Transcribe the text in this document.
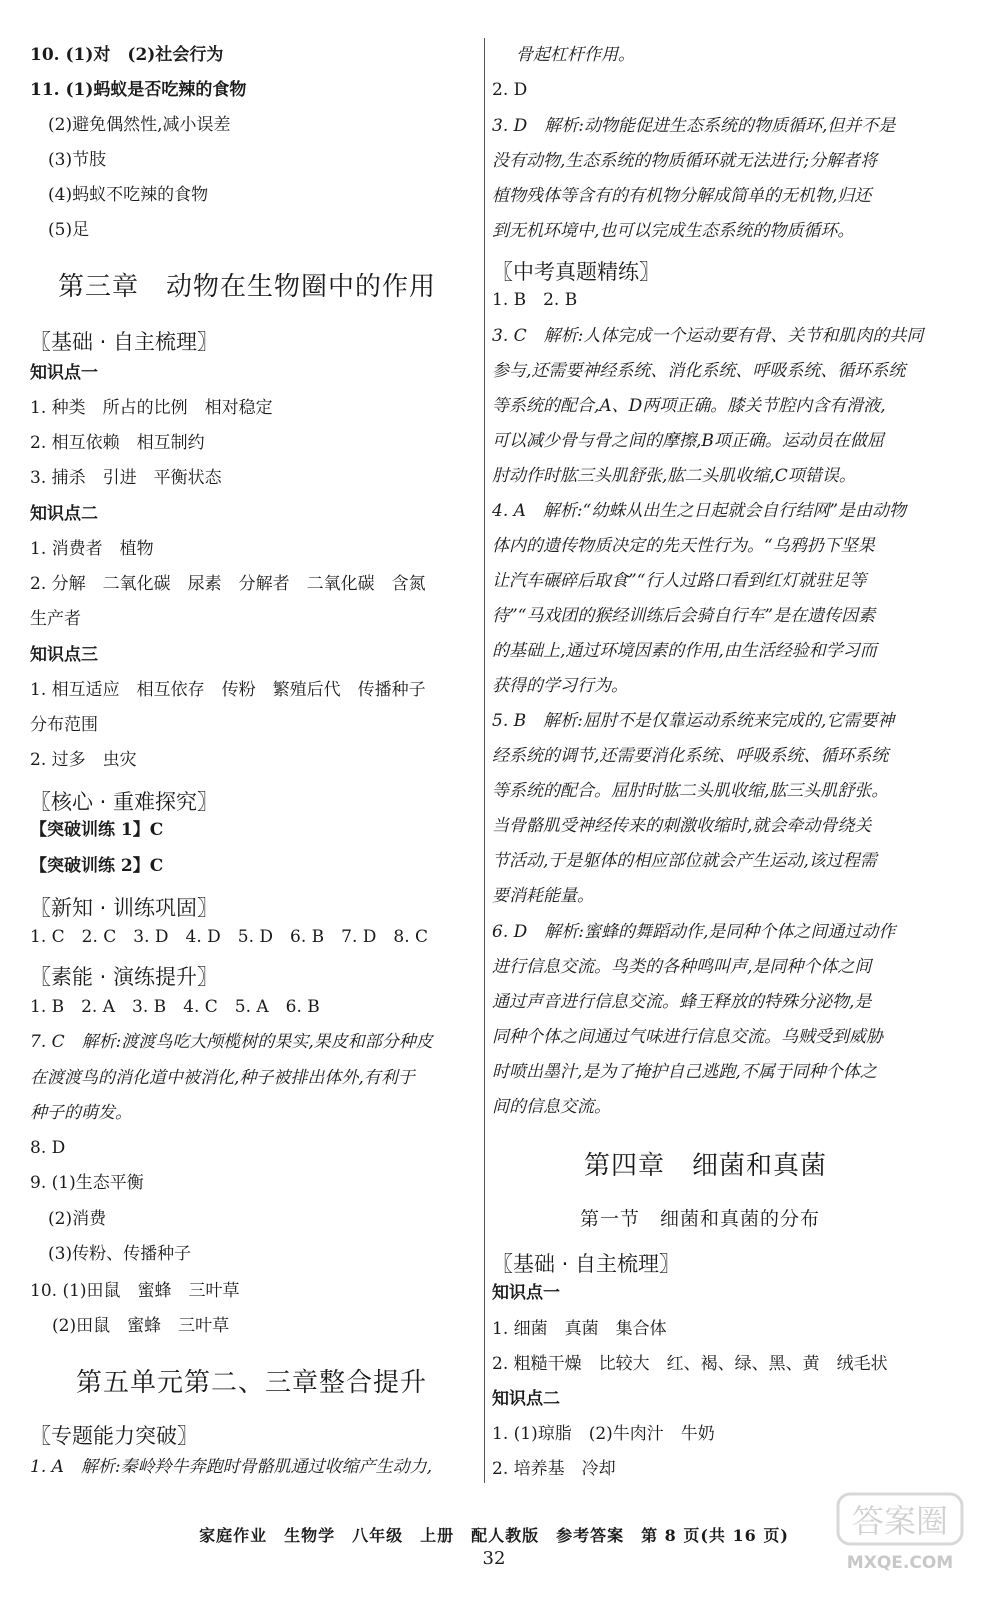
10. (1)对　(2)社会行为
11. (1)蚂蚁是否吃辣的食物
(2)避免偶然性,减小误差
(3)节肢
(4)蚂蚁不吃辣的食物
(5)足
第三章　动物在生物圈中的作用
〖基础 · 自主梳理〗
知识点一
1. 种类　所占的比例　相对稳定
2. 相互依赖　相互制约
3. 捕杀　引进　平衡状态
知识点二
1. 消费者　植物
2. 分解　二氧化碳　尿素　分解者　二氧化碳　含氮
生产者
知识点三
1. 相互适应　相互依存　传粉　繁殖后代　传播种子
分布范围
2. 过多　虫灾
〖核心 · 重难探究〗
【突破训练 1】C
【突破训练 2】C
〖新知 · 训练巩固〗
1. C　2. C　3. D　4. D　5. D　6. B　7. D　8. C
〖素能 · 演练提升〗
1. B　2. A　3. B　4. C　5. A　6. B
7. C　解析:渡渡鸟吃大颅榄树的果实,果皮和部分种皮
在渡渡鸟的消化道中被消化,种子被排出体外,有利于
种子的萌发。
8. D
9. (1)生态平衡
(2)消费
(3)传粉、传播种子
10. (1)田鼠　蜜蜂　三叶草
(2)田鼠　蜜蜂　三叶草
第五单元第二、三章整合提升
〖专题能力突破〗
1. A　解析:秦岭羚牛奔跑时骨骼肌通过收缩产生动力,
骨起杠杆作用。
2. D
3. D　解析:动物能促进生态系统的物质循环,但并不是
没有动物,生态系统的物质循环就无法进行;分解者将
植物残体等含有的有机物分解成简单的无机物,归还
到无机环境中,也可以完成生态系统的物质循环。
〖中考真题精练〗
1. B　2. B
3. C　解析:人体完成一个运动要有骨、关节和肌肉的共同
参与,还需要神经系统、消化系统、呼吸系统、循环系统
等系统的配合,A、D两项正确。膝关节腔内含有滑液,
可以减少骨与骨之间的摩擦,B项正确。运动员在做屈
肘动作时肱三头肌舒张,肱二头肌收缩,C项错误。
4. A　解析:“幼蛛从出生之日起就会自行结网”是由动物
体内的遗传物质决定的先天性行为。“乌鸦扔下坚果
让汽车碾碎后取食”“行人过路口看到红灯就驻足等
待”“马戏团的猴经训练后会骑自行车”是在遗传因素
的基础上,通过环境因素的作用,由生活经验和学习而
获得的学习行为。
5. B　解析:屈肘不是仅靠运动系统来完成的,它需要神
经系统的调节,还需要消化系统、呼吸系统、循环系统
等系统的配合。屈肘时肱二头肌收缩,肱三头肌舒张。
当骨骼肌受神经传来的刺激收缩时,就会牵动骨绕关
节活动,于是躯体的相应部位就会产生运动,该过程需
要消耗能量。
6. D　解析:蜜蜂的舞蹈动作,是同种个体之间通过动作
进行信息交流。鸟类的各种鸣叫声,是同种个体之间
通过声音进行信息交流。蜂王释放的特殊分泌物,是
同种个体之间通过气味进行信息交流。乌贼受到威胁
时喷出墨汁,是为了掩护自己逃跑,不属于同种个体之
间的信息交流。
第四章　细菌和真菌
第一节　细菌和真菌的分布
〖基础 · 自主梳理〗
知识点一
1. 细菌　真菌　集合体
2. 粗糙干燥　比较大　红、褐、绿、黑、黄　绒毛状
知识点二
1. (1)琼脂　(2)牛肉汁　牛奶
2. 培养基　冷却
家庭作业　生物学　八年级　上册　配人教版　参考答案　第 8 页(共 16 页)
32
答案圈
MXQE.COM
